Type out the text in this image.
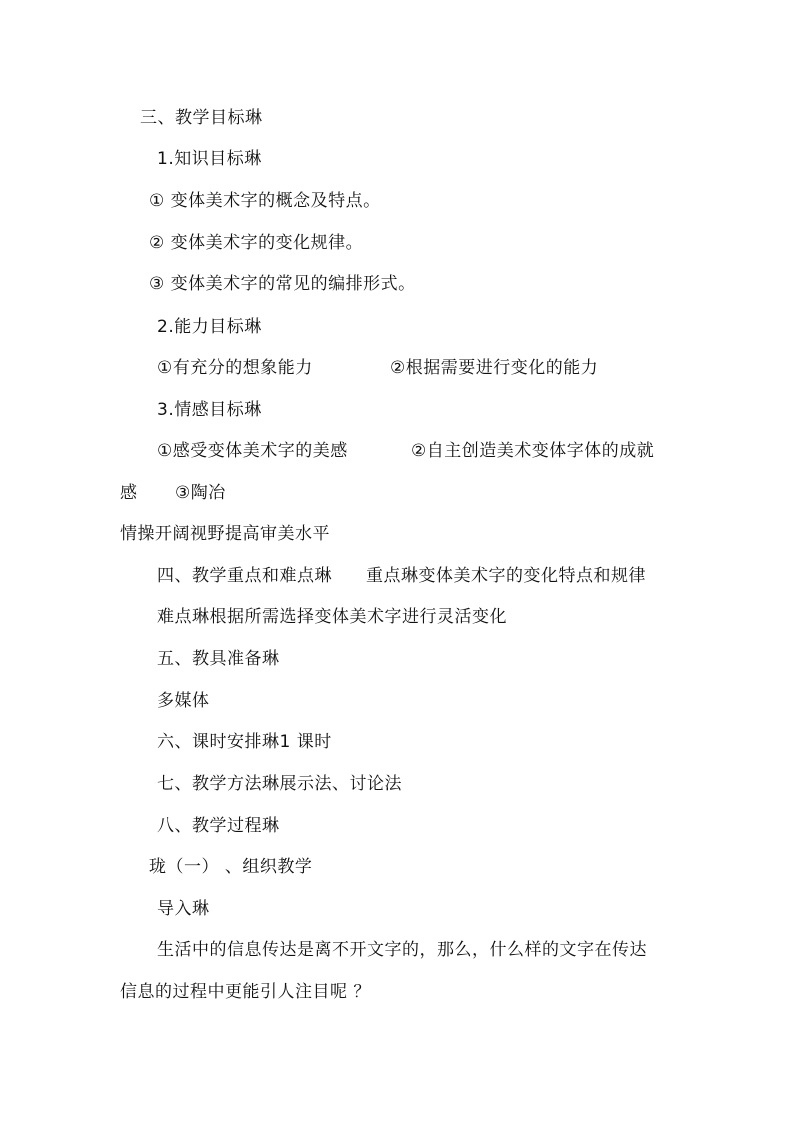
三、教学目标琳
1.知识目标琳
① 变体美术字的概念及特点。
② 变体美术字的变化规律。
③ 变体美术字的常见的编排形式。
2.能力目标琳
①有充分的想象能力	②根据需要进行变化的能力
3.情感目标琳
①感受变体美术字的美感	②自主创造美术变体字体的成就
感 ③陶冶
情操开阔视野提高审美水平
四、教学重点和难点琳 重点琳变体美术字的变化特点和规律
难点琳根据所需选择变体美术字进行灵活变化
五、教具准备琳
多媒体
六、课时安排琳1 课时
七、教学方法琳展示法、讨论法
八、教学过程琳
珑（一） 、组织教学
导入琳
生活中的信息传达是离不开文字的，那么，什么样的文字在传达
信息的过程中更能引人注目呢 ？
